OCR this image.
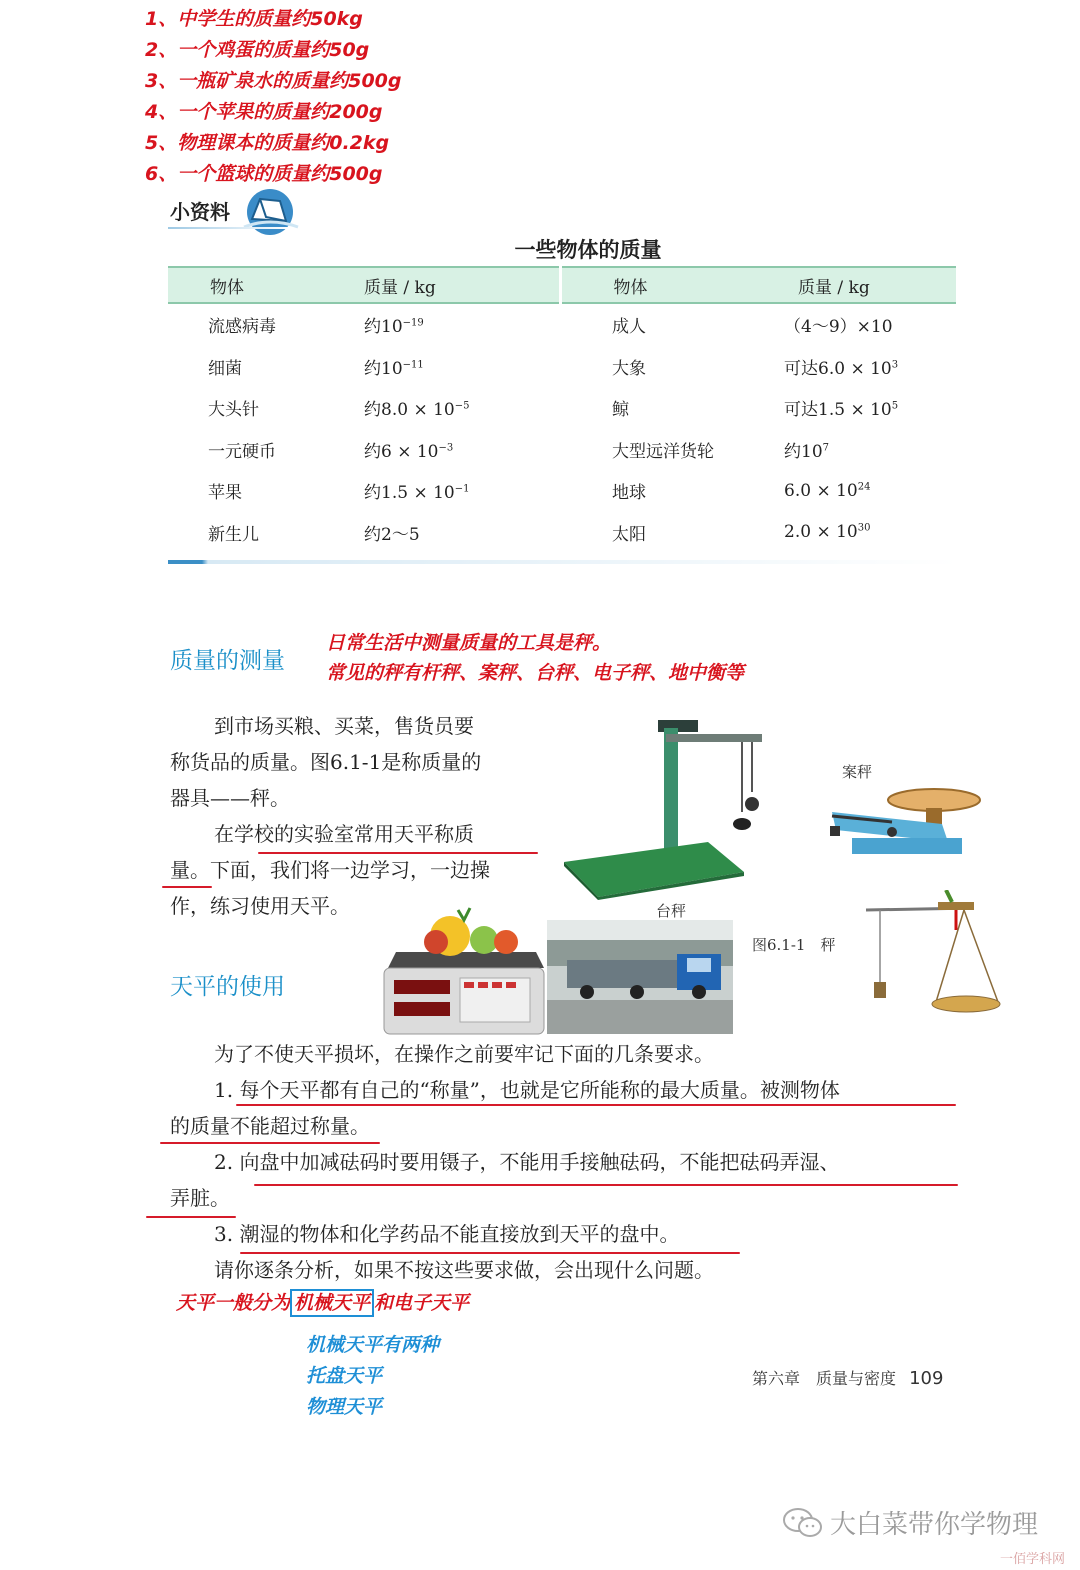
1、中学生的质量约50kg
2、一个鸡蛋的质量约50g
3、一瓶矿泉水的质量约500g
4、一个苹果的质量约200g
5、物理课本的质量约0.2kg
6、一个篮球的质量约500g
小资料
一些物体的质量
物体	质量 / kg	物体	质量 / kg
流感病毒	约$10^{-19}$	成人	（4～9）×10
细菌	约$10^{-11}$	大象	可达$6.0 \times 10^3$
大头针	约$8.0 \times 10^{-5}$	鲸	可达$1.5 \times 10^5$
一元硬币	约$6 \times 10^{-3}$	大型远洋货轮	约$10^7$
苹果	约$1.5 \times 10^{-1}$	地球	$6.0 \times 10^{24}$
新生儿	约2～5	太阳	$2.0 \times 10^{30}$
质量的测量
日常生活中测量质量的工具是秤。
常见的秤有杆秤、案秤、台秤、电子秤、地中衡等
到市场买粮、买菜，售货员要
称货品的质量。图6.1-1是称质量的
器具——秤。
在学校的实验室常用天平称质
量。下面，我们将一边学习，一边操
作，练习使用天平。	台秤
案秤
图6.1-1　秤
天平的使用
为了不使天平损坏，在操作之前要牢记下面的几条要求。
1. 每个天平都有自己的“称量”，也就是它所能称的最大质量。被测物体
的质量不能超过称量。
2. 向盘中加减砝码时要用镊子，不能用手接触砝码，不能把砝码弄湿、
弄脏。
3. 潮湿的物体和化学药品不能直接放到天平的盘中。
请你逐条分析，如果不按这些要求做，会出现什么问题。
天平一般分为 机械天平 和电子天平
机械天平有两种
托盘天平
物理天平
第六章　质量与密度 109
大白菜带你学物理
一佰学科网
